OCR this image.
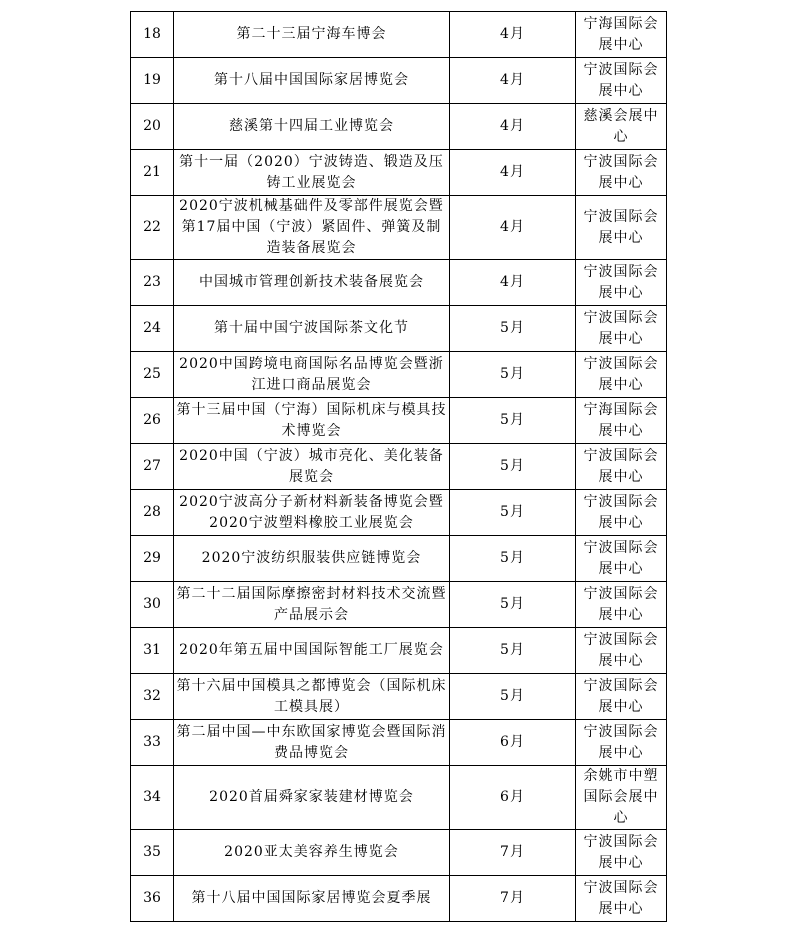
18	第二十三届宁海车博会	4月	宁海国际会展中心
19	第十八届中国国际家居博览会	4月	宁波国际会展中心
20	慈溪第十四届工业博览会	4月	慈溪会展中心
21	第十一届（2020）宁波铸造、锻造及压铸工业展览会	4月	宁波国际会展中心
22	2020宁波机械基础件及零部件展览会暨第17届中国（宁波）紧固件、弹簧及制造装备展览会	4月	宁波国际会展中心
23	中国城市管理创新技术装备展览会	4月	宁波国际会展中心
24	第十届中国宁波国际茶文化节	5月	宁波国际会展中心
25	2020中国跨境电商国际名品博览会暨浙江进口商品展览会	5月	宁波国际会展中心
26	第十三届中国（宁海）国际机床与模具技术博览会	5月	宁海国际会展中心
27	2020中国（宁波）城市亮化、美化装备展览会	5月	宁波国际会展中心
28	2020宁波高分子新材料新装备博览会暨2020宁波塑料橡胶工业展览会	5月	宁波国际会展中心
29	2020宁波纺织服装供应链博览会	5月	宁波国际会展中心
30	第二十二届国际摩擦密封材料技术交流暨产品展示会	5月	宁波国际会展中心
31	2020年第五届中国国际智能工厂展览会	5月	宁波国际会展中心
32	第十六届中国模具之都博览会（国际机床工模具展）	5月	宁波国际会展中心
33	第二届中国—中东欧国家博览会暨国际消费品博览会	6月	宁波国际会展中心
34	2020首届舜家家装建材博览会	6月	余姚市中塑国际会展中心
35	2020亚太美容养生博览会	7月	宁波国际会展中心
36	第十八届中国国际家居博览会夏季展	7月	宁波国际会展中心
